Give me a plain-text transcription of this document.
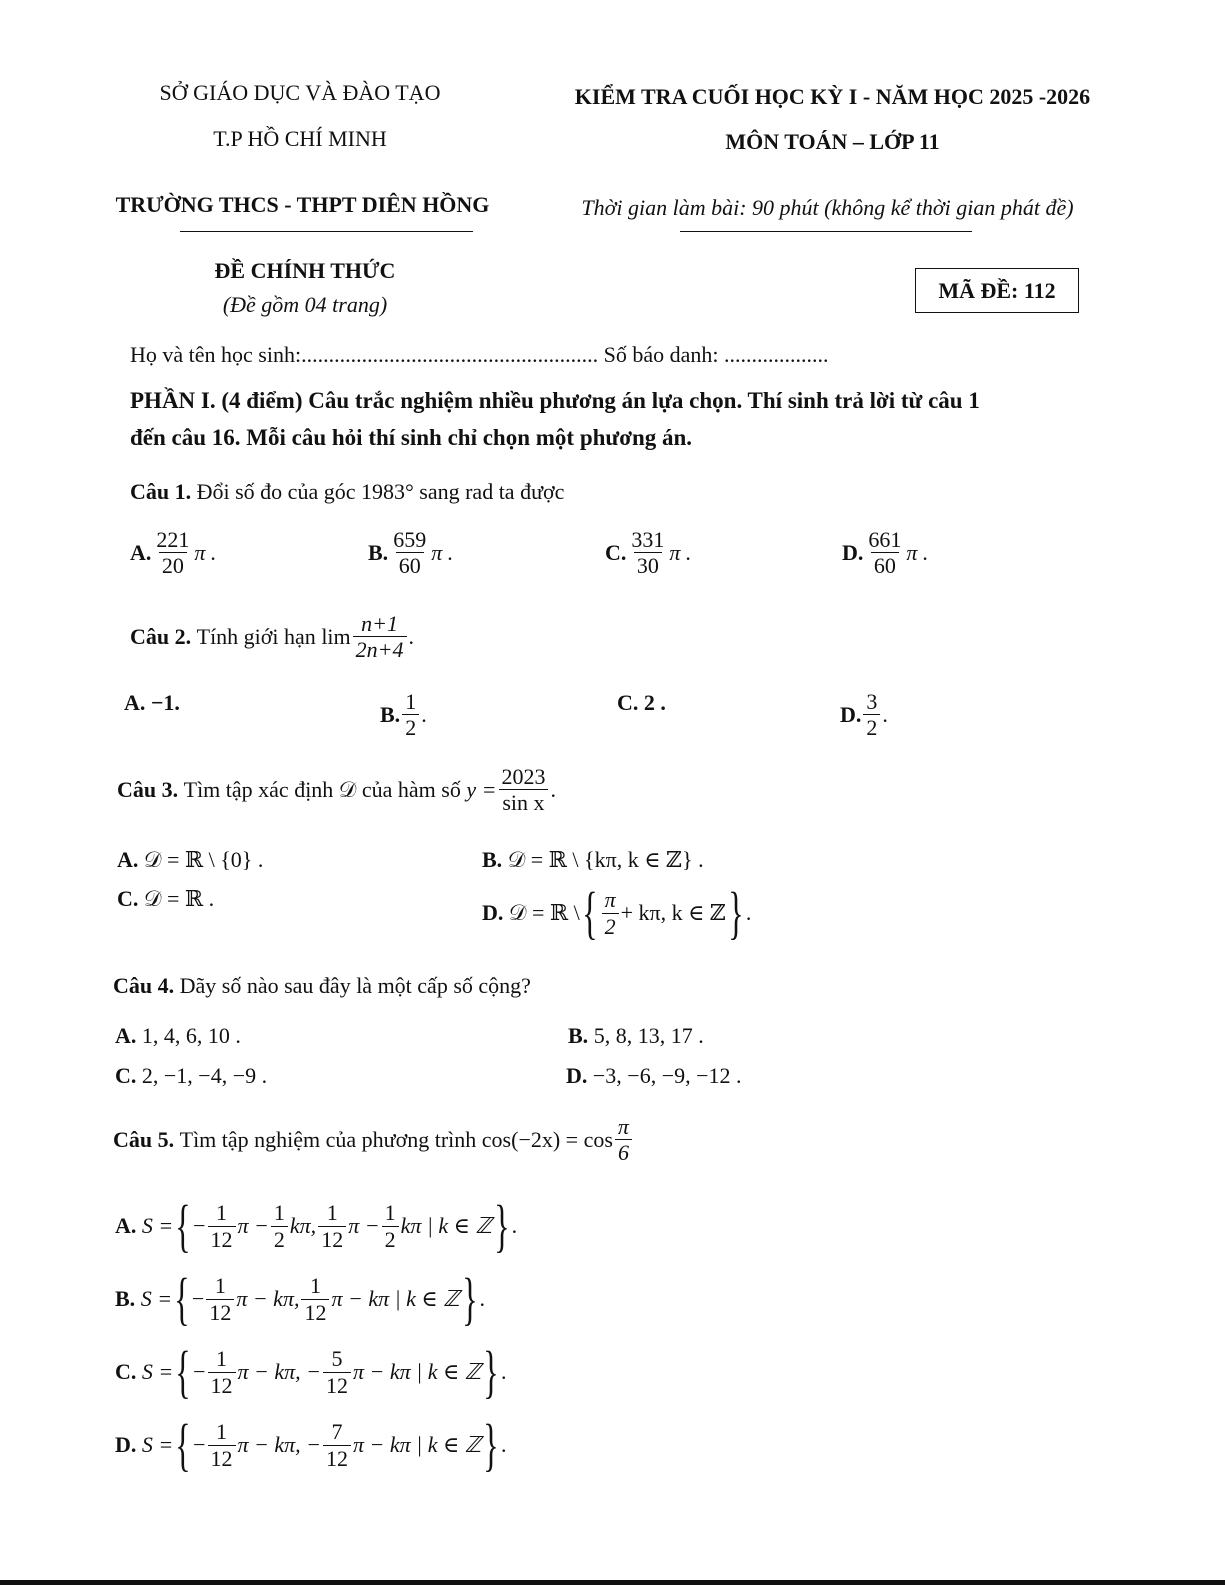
SỞ GIÁO DỤC VÀ ĐÀO TẠO
T.P HỒ CHÍ MINH
TRƯỜNG THCS - THPT DIÊN HỒNG
KIỂM TRA CUỐI HỌC KỲ I - NĂM HỌC 2025 -2026
MÔN TOÁN – LỚP 11
Thời gian làm bài: 90 phút (không kể thời gian phát đề)
ĐỀ CHÍNH THỨC
(Đề gồm 04 trang)
MÃ ĐỀ: 112
Họ và tên học sinh:...................................................... Số báo danh: ...................
PHẦN I. (4 điểm) Câu trắc nghiệm nhiều phương án lựa chọn. Thí sinh trả lời từ câu 1
đến câu 16. Mỗi câu hỏi thí sinh chỉ chọn một phương án.
Câu 1. Đổi số đo của góc 1983° sang rad ta được
A. $\frac{221}{20}$ π .	B. $\frac{659}{60}$ π .	C. $\frac{331}{30}$ π .	D. $\frac{661}{60}$ π .
Câu 2.
Tính giới hạn
$\lim \frac{n+1}{2n+4}$ .
A. −1.	B. $\frac{1}{2}$ .	C. 2 .	D. $\frac{3}{2}$ .
Câu 3.
Tìm tập xác định 𝒟 của hàm số
$y = \frac{2023}{\text{sin x}}$ .
A. 𝒟 = ℝ \ {0} .	B. 𝒟 = ℝ \ {kπ, k ∈ ℤ} .
C. 𝒟 = ℝ .
D.
𝒟 = ℝ \ { $\frac{\pi}{2} + k\pi$, k ∈ ℤ } .
Câu 4. Dãy số nào sau đây là một cấp số cộng?
A. 1, 4, 6, 10 .	B. 5, 8, 13, 17 .
C. 2, −1, −4, −9 .	D. −3, −6, −9, −12 .
Câu 5.
Tìm tập nghiệm của phương trình
$\cos(-2x) = \cos \frac{\pi}{6}$
A.
S = { − $\frac{1}{12}$ $\pi - \frac{1}{2} k\pi$, $\frac{1}{12}$ $\pi - \frac{1}{2}$ kπ | k ∈ ℤ } .
B.
S = { − $\frac{1}{12}$ π − kπ, $\frac{1}{12}$ π − kπ | k ∈ ℤ } .
C.
S = { − $\frac{1}{12}$ π − kπ, − $\frac{5}{12}$ π − kπ | k ∈ ℤ } .
D.
S = { − $\frac{1}{12}$ π − kπ, − $\frac{7}{12}$ π − kπ | k ∈ ℤ } .
